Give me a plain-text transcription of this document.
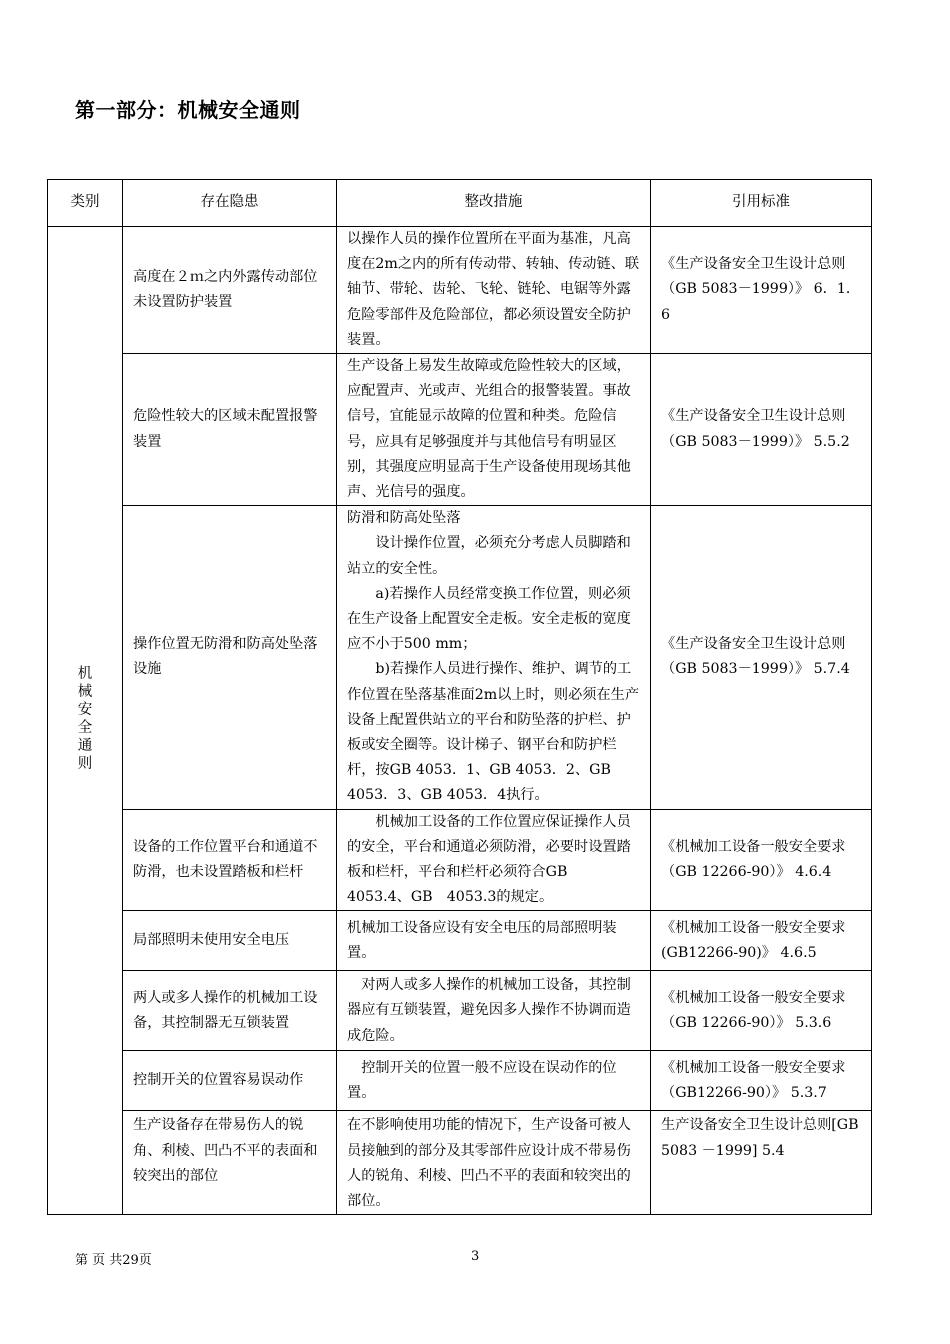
第一部分：机械安全通则
类别	存在隐患	整改措施	引用标准
机械安全通则	高度在２ｍ之内外露传动部位未设置防护装置	以操作人员的操作位置所在平面为基准，凡高度在2m之内的所有传动带、转轴、传动链、联轴节、带轮、齿轮、飞轮、链轮、电锯等外露危险零部件及危险部位，都必须设置安全防护装置。	《生产设备安全卫生设计总则（GB 5083－1999）》 6．1．6
	危险性较大的区域未配置报警装置	生产设备上易发生故障或危险性较大的区域，应配置声、光或声、光组合的报警装置。事故信号，宜能显示故障的位置和种类。危险信号，应具有足够强度并与其他信号有明显区别，其强度应明显高于生产设备使用现场其他声、光信号的强度。	《生产设备安全卫生设计总则（GB 5083－1999）》 5.5.2
	操作位置无防滑和防高处坠落设施	防滑和防高处坠落
设计操作位置，必须充分考虑人员脚踏和站立的安全性。
a)若操作人员经常变换工作位置，则必须在生产设备上配置安全走板。安全走板的宽度应不小于500 mm；
b)若操作人员进行操作、维护、调节的工作位置在坠落基准面2m以上时，则必须在生产设备上配置供站立的平台和防坠落的护栏、护板或安全圈等。设计梯子、钢平台和防护栏杆，按GB 4053．1、GB 4053．2、GB 4053．3、GB 4053．4执行。	《生产设备安全卫生设计总则（GB 5083－1999）》 5.7.4
	设备的工作位置平台和通道不防滑，也未设置踏板和栏杆	机械加工设备的工作位置应保证操作人员的安全，平台和通道必须防滑，必要时设置踏板和栏杆，平台和栏杆必须符合GB　4053.4、GB　4053.3的规定。	《机械加工设备一般安全要求（GB 12266-90）》 4.6.4
	局部照明未使用安全电压	机械加工设备应设有安全电压的局部照明装置。	《机械加工设备一般安全要求(GB12266-90)》 4.6.5
	两人或多人操作的机械加工设备，其控制器无互锁装置	对两人或多人操作的机械加工设备，其控制器应有互锁装置，避免因多人操作不协调而造成危险。	《机械加工设备一般安全要求（GB 12266-90）》 5.3.6
	控制开关的位置容易误动作	控制开关的位置一般不应设在误动作的位置。	《机械加工设备一般安全要求（GB12266-90）》 5.3.7
	生产设备存在带易伤人的锐角、利棱、凹凸不平的表面和较突出的部位	在不影响使用功能的情况下，生产设备可被人员接触到的部分及其零部件应设计成不带易伤人的锐角、利棱、凹凸不平的表面和较突出的部位。	生产设备安全卫生设计总则[GB 5083 －1999] 5.4
第 页 共29页	3
